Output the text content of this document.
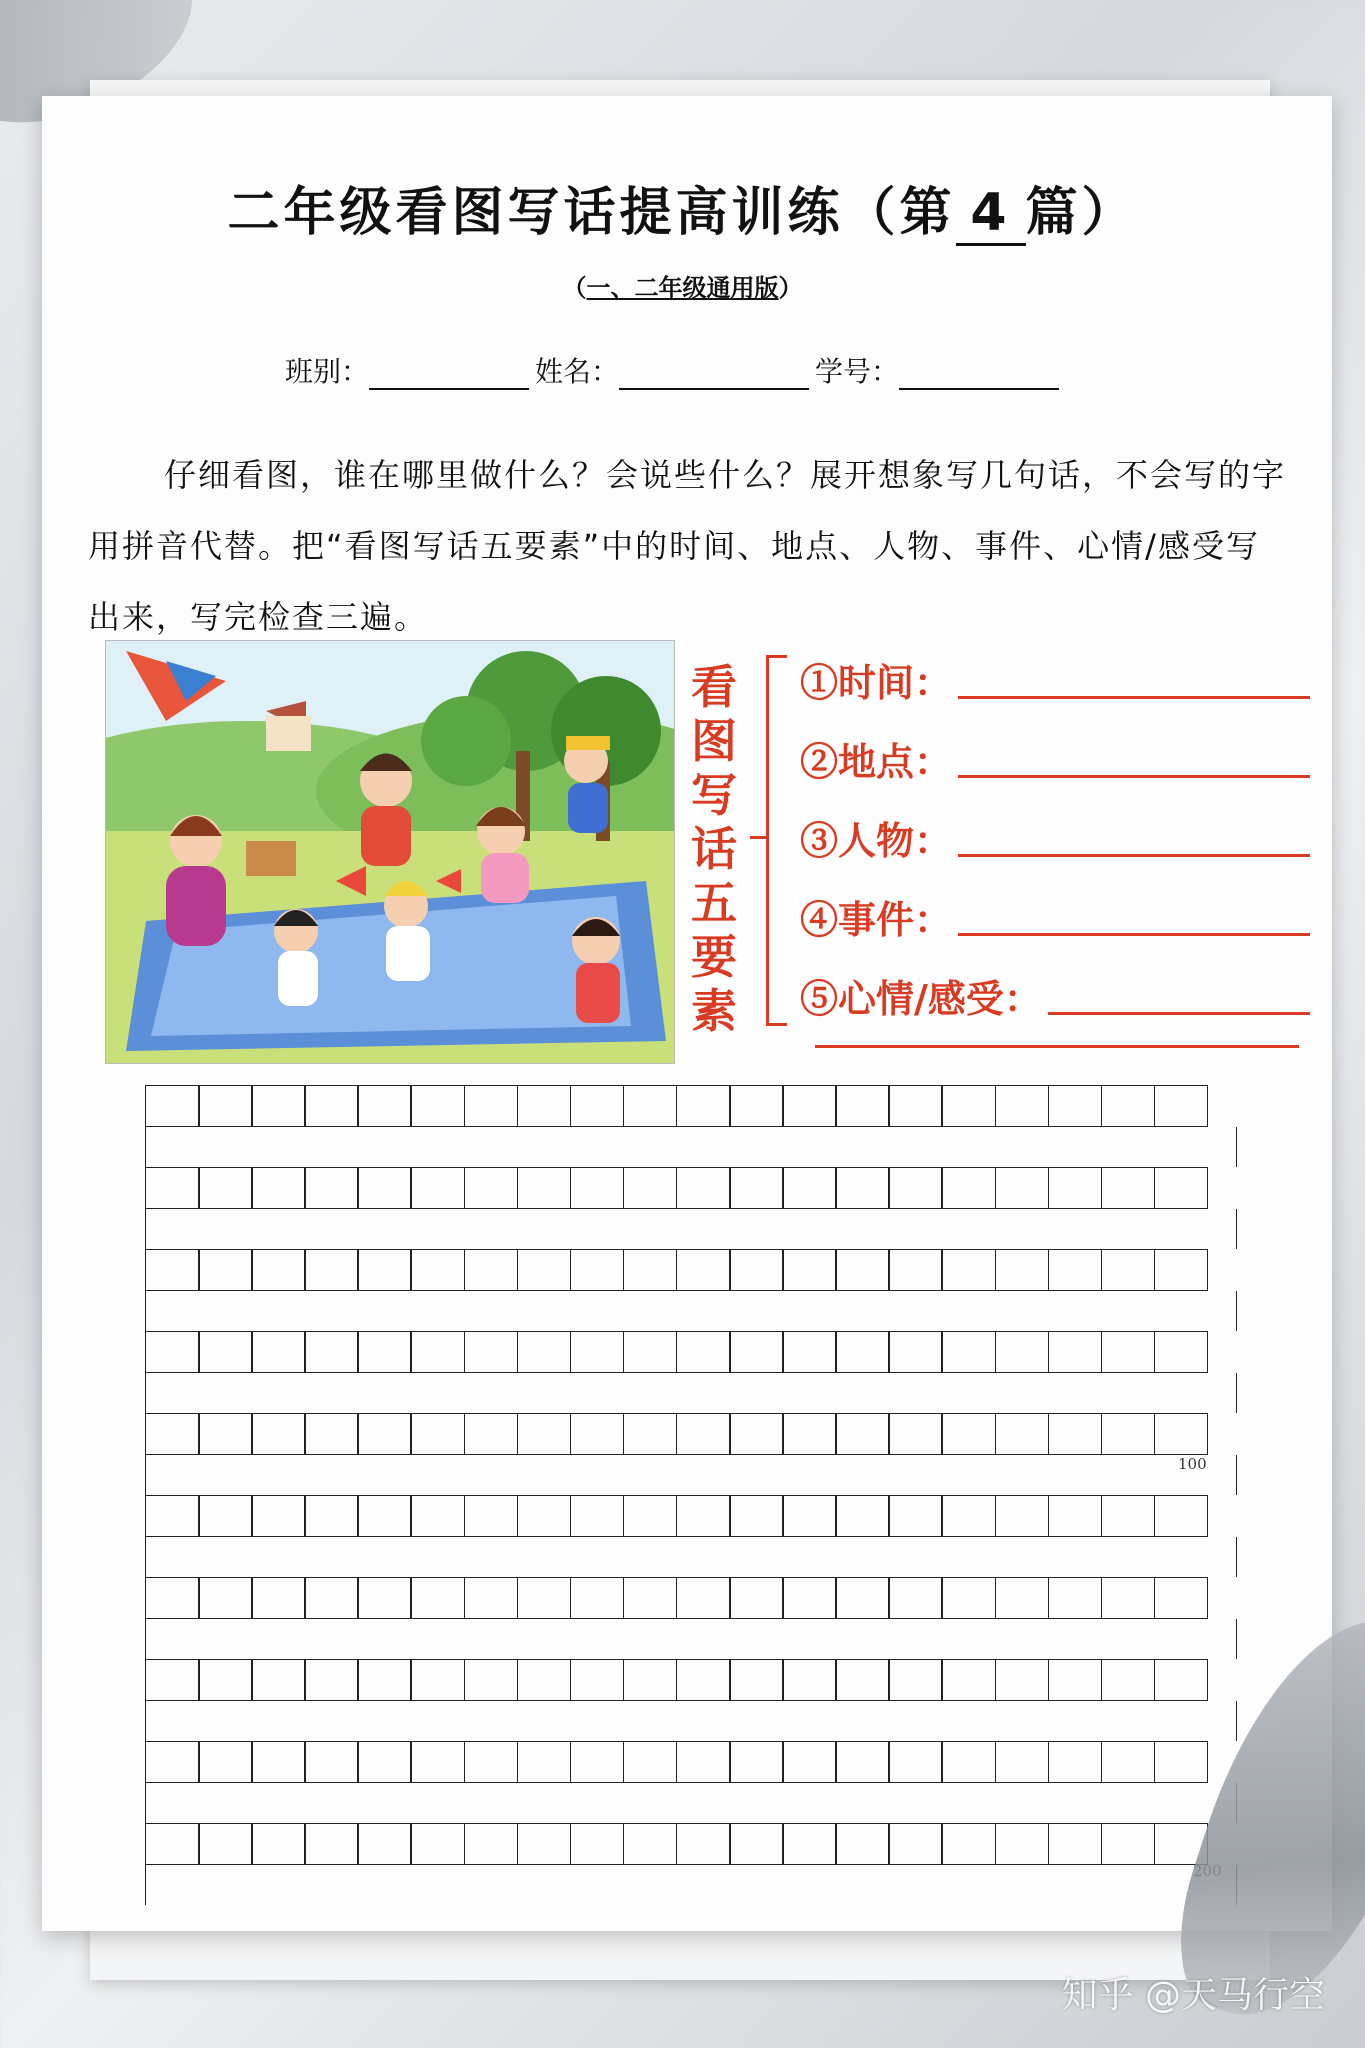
二年级看图写话提高训练（第 4 篇）
（一、二年级通用版）
班别：	姓名：	学号：
仔细看图，谁在哪里做什么？会说些什么？展开想象写几句话，不会写的字用拼音代替。把“看图写话五要素”中的时间、地点、人物、事件、心情/感受写出来，写完检查三遍。
看
图
写
话
五
要
素
①时间：
②地点：
③人物：
④事件：
⑤心情/感受：
100
知乎 @天马行空
